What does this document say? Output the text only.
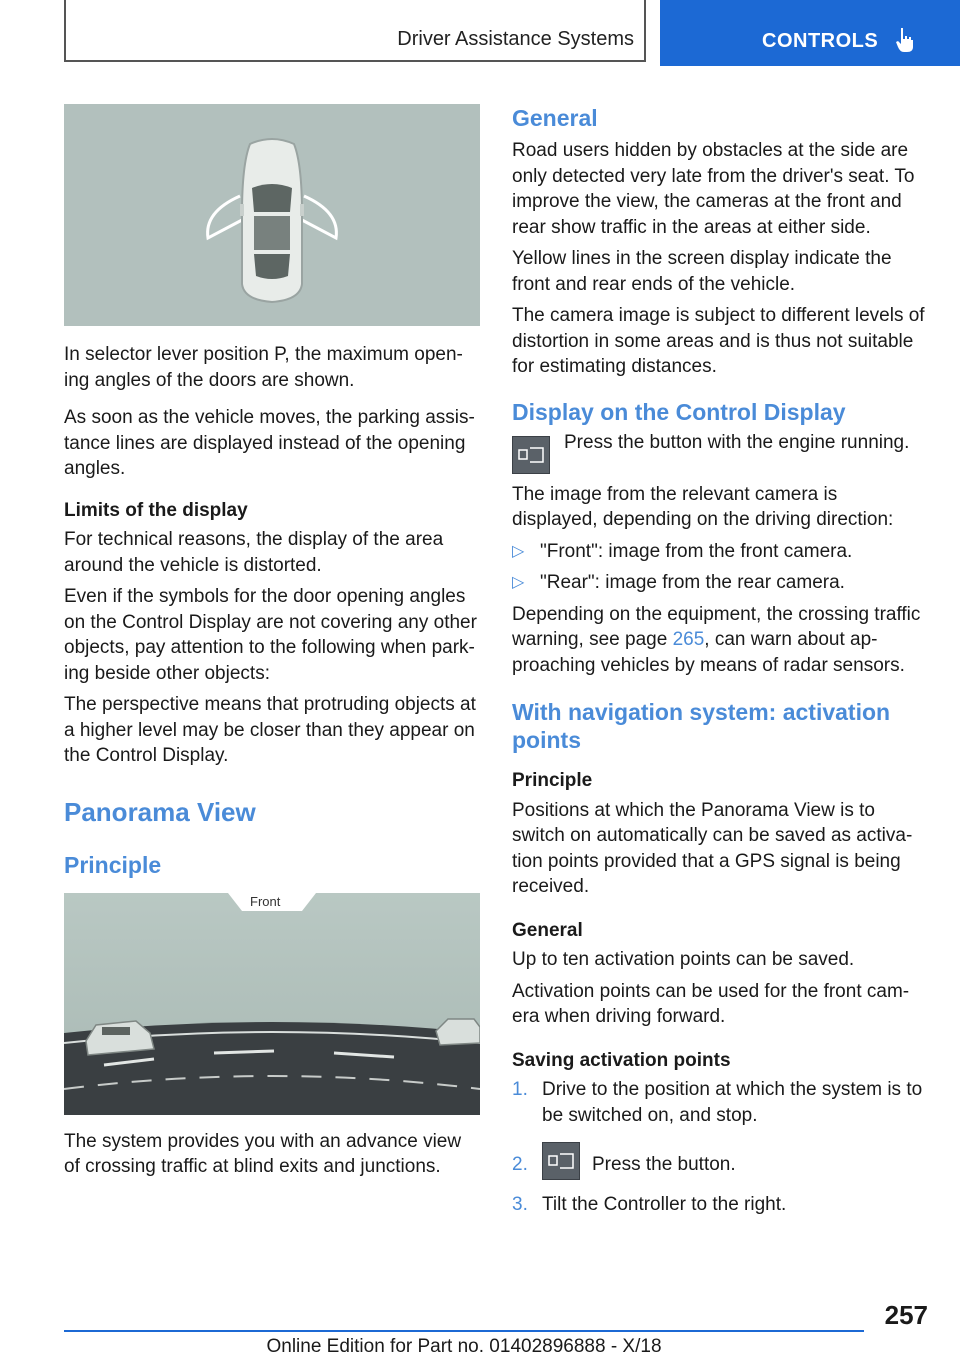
Driver Assistance Systems	CONTROLS

In selector lever position P, the maximum opening angles of the doors are shown.

As soon as the vehicle moves, the parking assistance lines are displayed instead of the opening angles.

Limits of the display

For technical reasons, the display of the area around the vehicle is distorted.

Even if the symbols for the door opening angles on the Control Display are not covering any other objects, pay attention to the following when parking beside other objects:

The perspective means that protruding objects at a higher level may be closer than they appear on the Control Display.

Panorama View

Principle

Front

The system provides you with an advance view of crossing traffic at blind exits and junctions.

General

Road users hidden by obstacles at the side are only detected very late from the driver's seat. To improve the view, the cameras at the front and rear show traffic in the areas at either side.

Yellow lines in the screen display indicate the front and rear ends of the vehicle.

The camera image is subject to different levels of distortion in some areas and is thus not suitable for estimating distances.

Display on the Control Display

Press the button with the engine running.

The image from the relevant camera is displayed, depending on the driving direction:

▷ "Front": image from the front camera.

▷ "Rear": image from the rear camera.

Depending on the equipment, the crossing traffic warning, see page 265, can warn about approaching vehicles by means of radar sensors.

With navigation system: activation points

Principle

Positions at which the Panorama View is to switch on automatically can be saved as activation points provided that a GPS signal is being received.

General

Up to ten activation points can be saved.

Activation points can be used for the front camera when driving forward.

Saving activation points

1. Drive to the position at which the system is to be switched on, and stop.

2.	Press the button.

3. Tilt the Controller to the right.

257
Online Edition for Part no. 01402896888 - X/18
